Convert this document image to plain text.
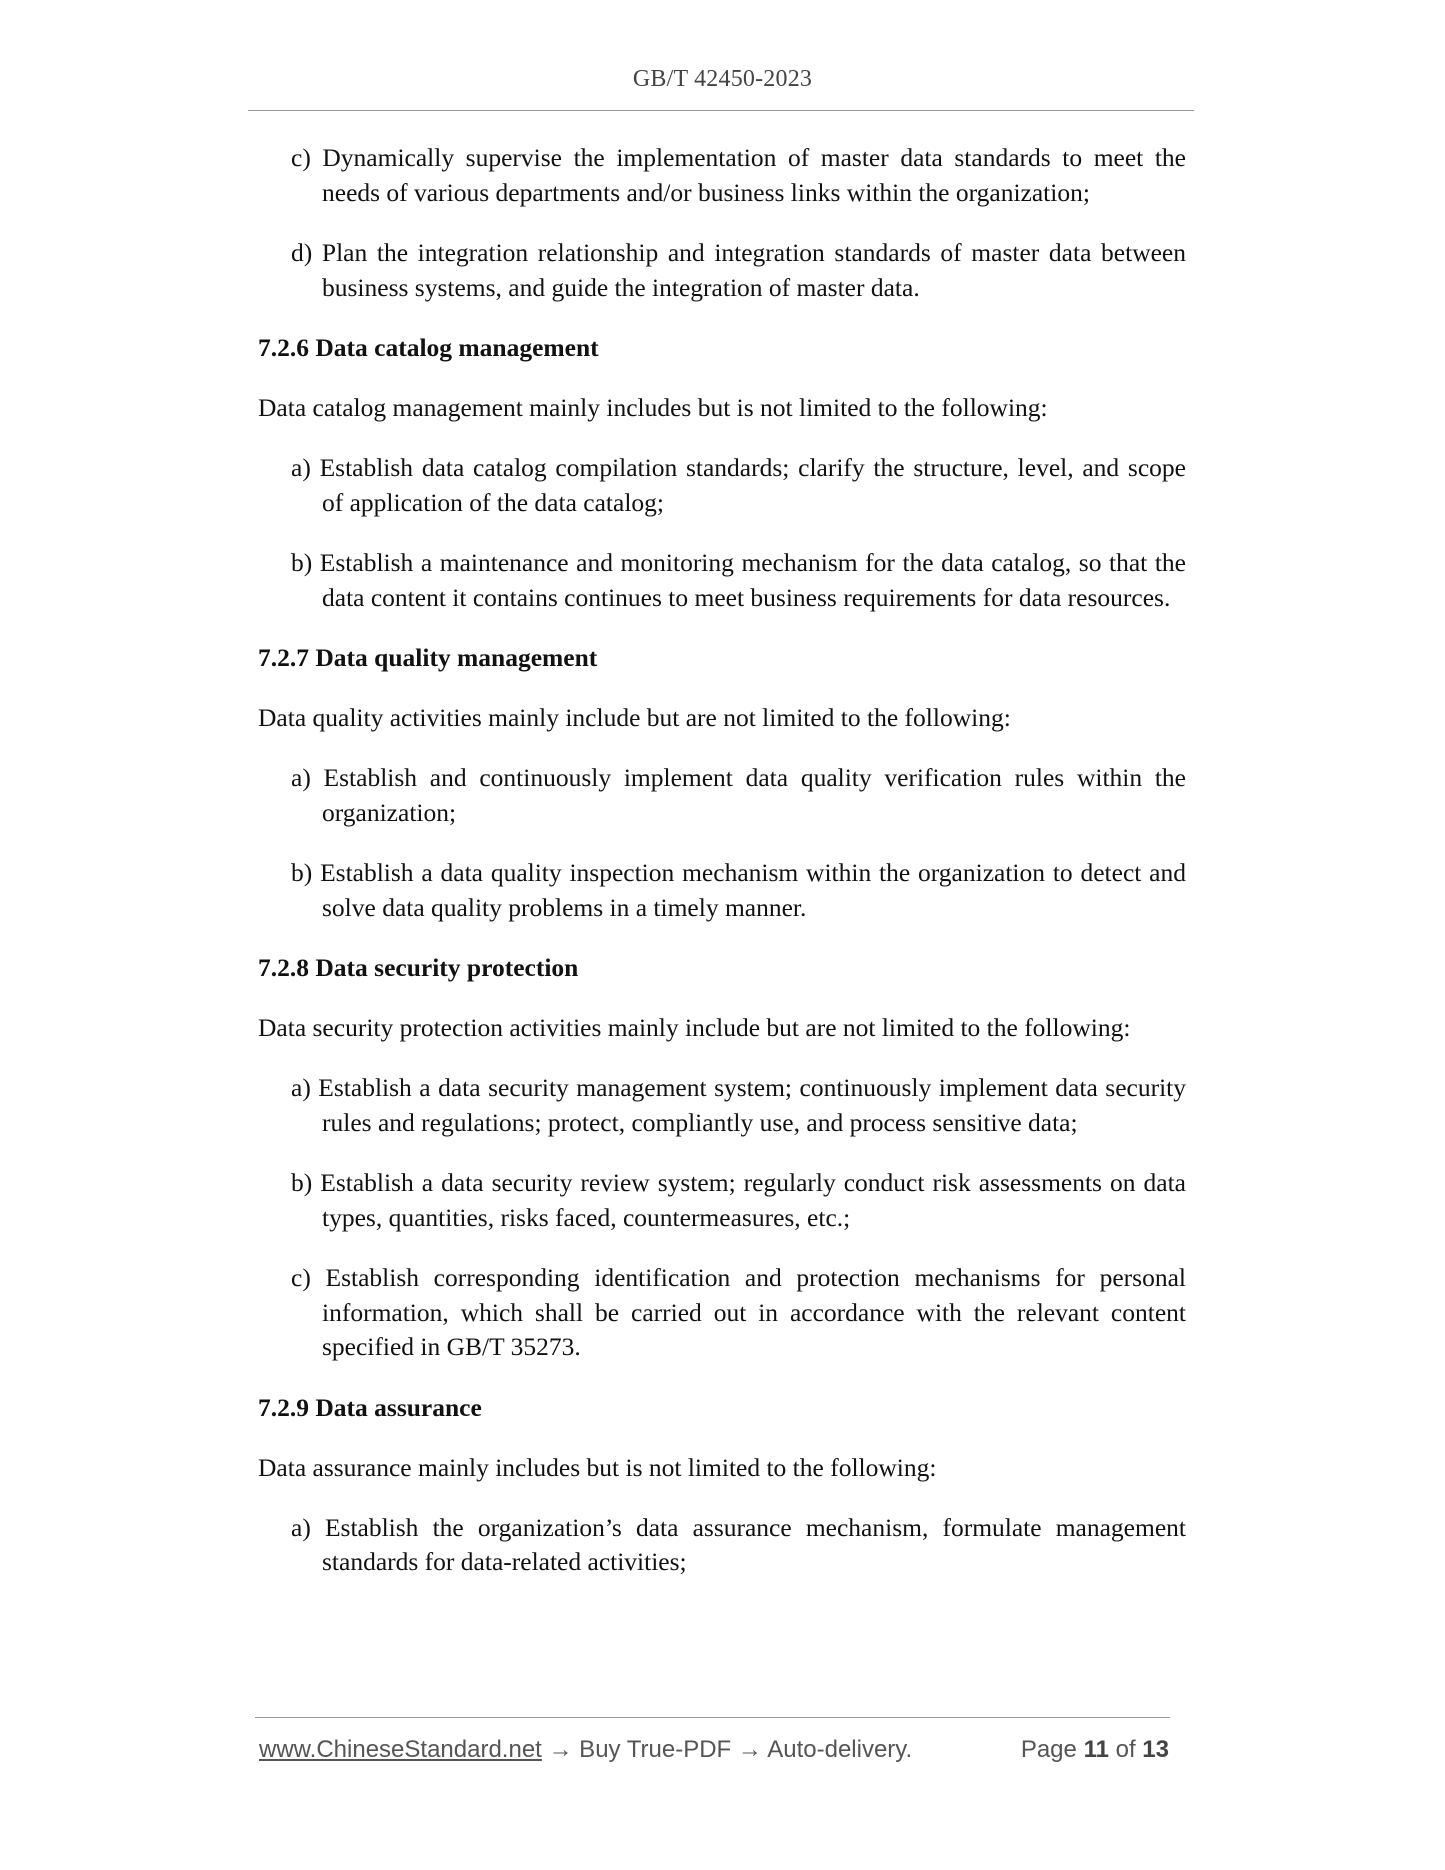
GB/T 42450-2023
c) Dynamically supervise the implementation of master data standards to meet the needs of various departments and/or business links within the organization;
d) Plan the integration relationship and integration standards of master data between business systems, and guide the integration of master data.
7.2.6 Data catalog management
Data catalog management mainly includes but is not limited to the following:
a) Establish data catalog compilation standards; clarify the structure, level, and scope of application of the data catalog;
b) Establish a maintenance and monitoring mechanism for the data catalog, so that the data content it contains continues to meet business requirements for data resources.
7.2.7 Data quality management
Data quality activities mainly include but are not limited to the following:
a) Establish and continuously implement data quality verification rules within the organization;
b) Establish a data quality inspection mechanism within the organization to detect and solve data quality problems in a timely manner.
7.2.8 Data security protection
Data security protection activities mainly include but are not limited to the following:
a) Establish a data security management system; continuously implement data security rules and regulations; protect, compliantly use, and process sensitive data;
b) Establish a data security review system; regularly conduct risk assessments on data types, quantities, risks faced, countermeasures, etc.;
c) Establish corresponding identification and protection mechanisms for personal information, which shall be carried out in accordance with the relevant content specified in GB/T 35273.
7.2.9 Data assurance
Data assurance mainly includes but is not limited to the following:
a) Establish the organization’s data assurance mechanism, formulate management standards for data-related activities;
www.ChineseStandard.net → Buy True-PDF → Auto-delivery.	Page 11 of 13
